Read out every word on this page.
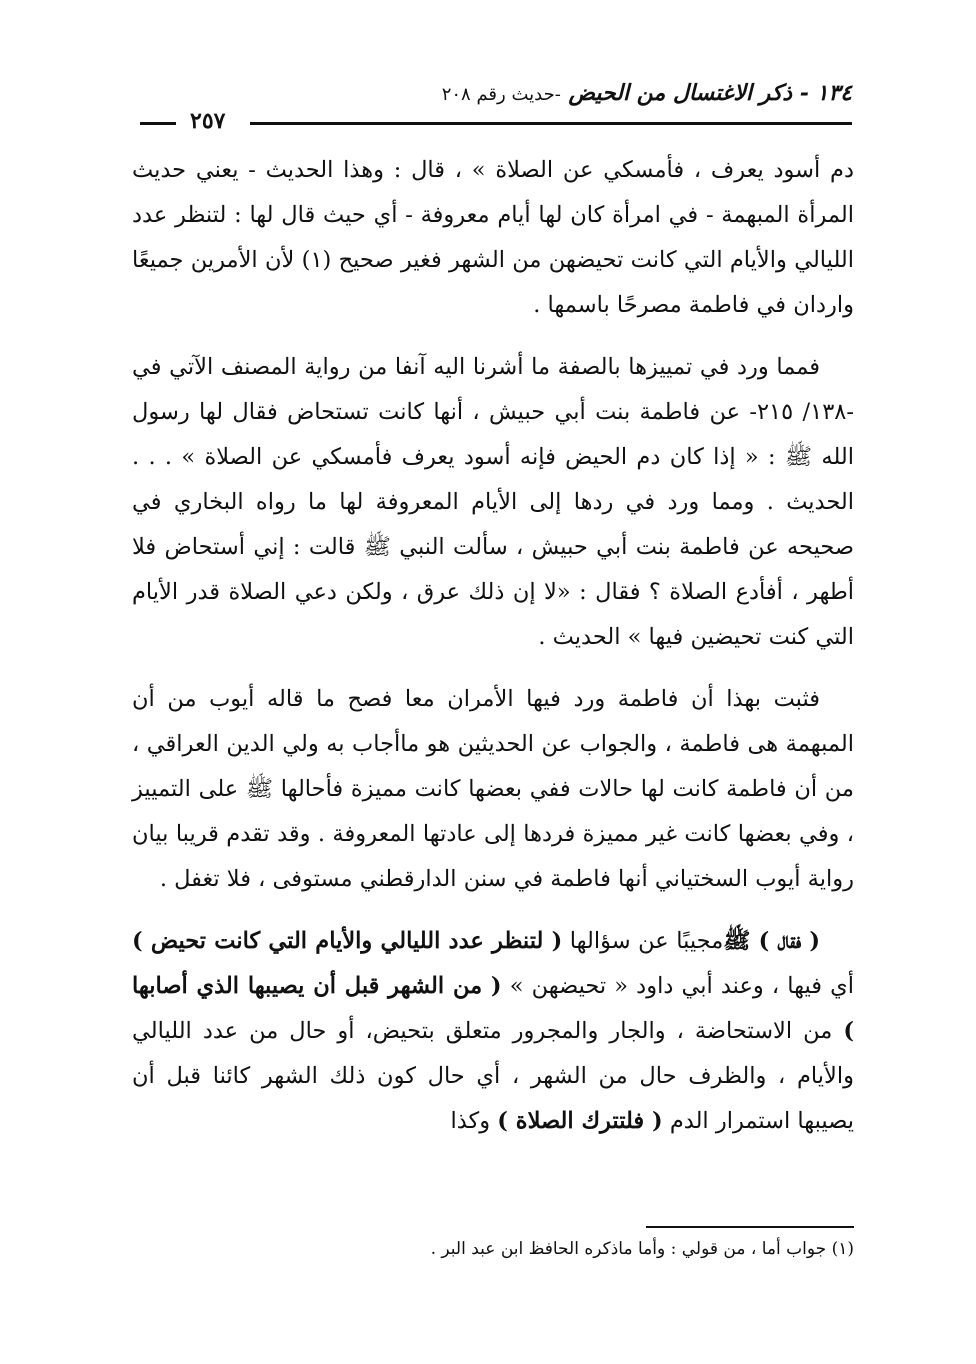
١٣٤ - ذكر الاغتسال من الحيض -حديث رقم ٢٠٨
٢٥٧

دم أسود يعرف ، فأمسكي عن الصلاة » ، قال : وهذا الحديث - يعني حديث المرأة المبهمة - في امرأة كان لها أيام معروفة - أي حيث قال لها : لتنظر عدد الليالي والأيام التي كانت تحيضهن من الشهر فغير صحيح (١) لأن الأمرين جميعًا واردان في فاطمة مصرحًا باسمها .

فمما ورد في تمييزها بالصفة ما أشرنا اليه آنفا من رواية المصنف الآتي في -١٣٨/ ٢١٥- عن فاطمة بنت أبي حبيش ، أنها كانت تستحاض فقال لها رسول الله ﷺ : « إذا كان دم الحيض فإنه أسود يعرف فأمسكي عن الصلاة » . . . الحديث . ومما ورد في ردها إلى الأيام المعروفة لها ما رواه البخاري في صحيحه عن فاطمة بنت أبي حبيش ، سألت النبي ﷺ قالت : إني أستحاض فلا أطهر ، أفأدع الصلاة ؟ فقال : «لا إن ذلك عرق ، ولكن دعي الصلاة قدر الأيام التي كنت تحيضين فيها » الحديث .

فثبت بهذا أن فاطمة ورد فيها الأمران معا فصح ما قاله أيوب من أن المبهمة هى فاطمة ، والجواب عن الحديثين هو ماأجاب به ولي الدين العراقي ، من أن فاطمة كانت لها حالات ففي بعضها كانت مميزة فأحالها ﷺ على التمييز ، وفي بعضها كانت غير مميزة فردها إلى عادتها المعروفة . وقد تقدم قريبا بيان رواية أيوب السختياني أنها فاطمة في سنن الدارقطني مستوفى ، فلا تغفل .

( فقال ) ﷺمجيبًا عن سؤالها ( لتنظر عدد الليالي والأيام التي كانت تحيض ) أي فيها ، وعند أبي داود « تحيضهن » ( من الشهر قبل أن يصيبها الذي أصابها ) من الاستحاضة ، والجار والمجرور متعلق بتحيض، أو حال من عدد الليالي والأيام ، والظرف حال من الشهر ، أي حال كون ذلك الشهر كائنا قبل أن يصيبها استمرار الدم ( فلتترك الصلاة ) وكذا

(١) جواب أما ، من قولي : وأما ماذكره الحافظ ابن عبد البر .
